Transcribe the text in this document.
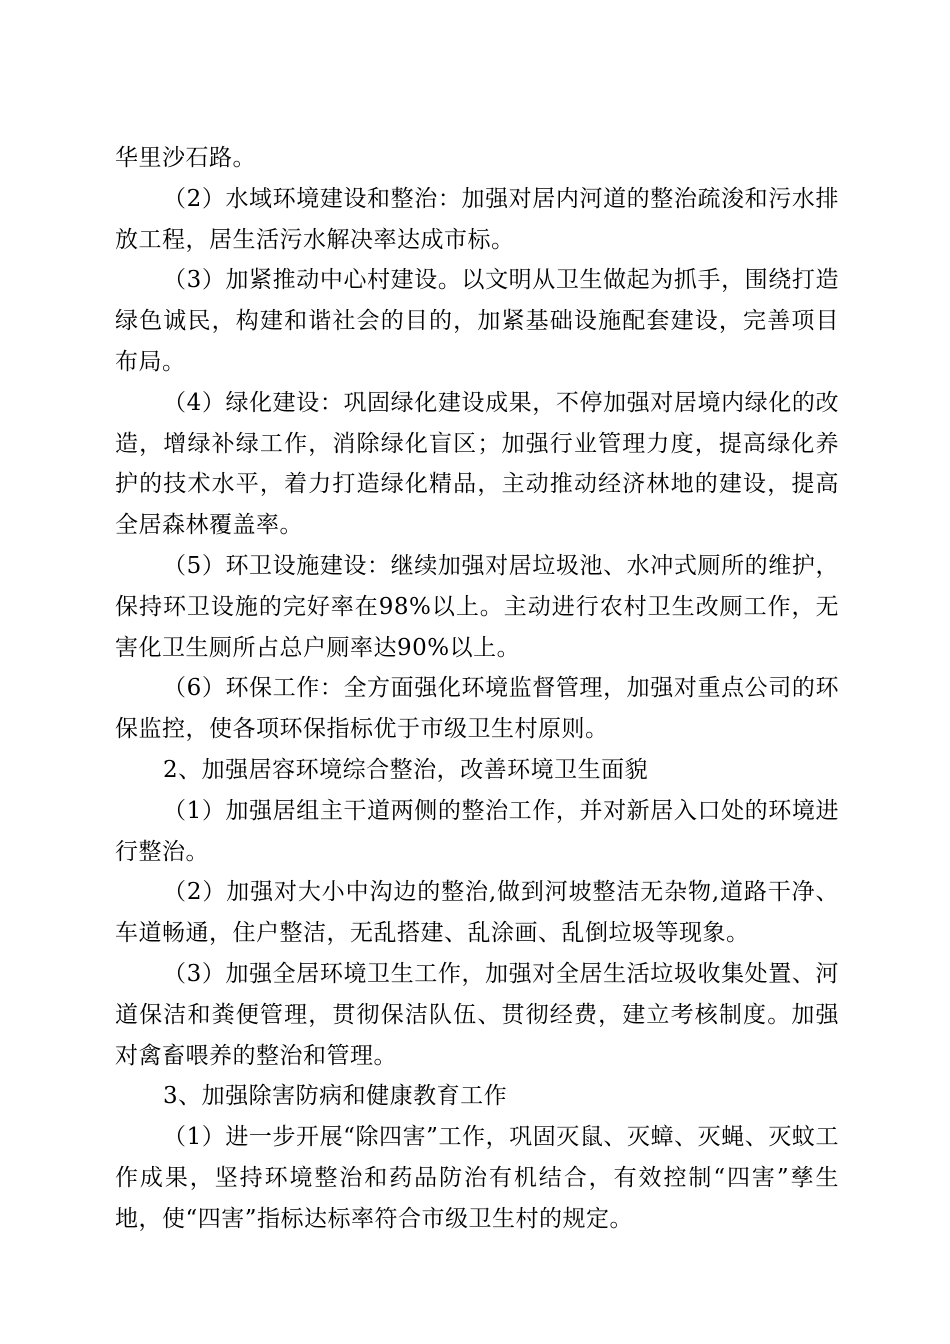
华里沙石路。

（2）水域环境建设和整治：加强对居内河道的整治疏浚和污水排放工程，居生活污水解决率达成市标。

（3）加紧推动中心村建设。以文明从卫生做起为抓手，围绕打造绿色诚民，构建和谐社会的目的，加紧基础设施配套建设，完善项目布局。

（4）绿化建设：巩固绿化建设成果，不停加强对居境内绿化的改造，增绿补绿工作，消除绿化盲区；加强行业管理力度，提高绿化养护的技术水平，着力打造绿化精品，主动推动经济林地的建设，提高全居森林覆盖率。

（5）环卫设施建设：继续加强对居垃圾池、水冲式厕所的维护，保持环卫设施的完好率在98%以上。主动进行农村卫生改厕工作，无害化卫生厕所占总户厕率达90%以上。

（6）环保工作：全方面强化环境监督管理，加强对重点公司的环保监控，使各项环保指标优于市级卫生村原则。

2、加强居容环境综合整治，改善环境卫生面貌

（1）加强居组主干道两侧的整治工作，并对新居入口处的环境进行整治。

（2）加强对大小中沟边的整治,做到河坡整洁无杂物,道路干净、车道畅通，住户整洁，无乱搭建、乱涂画、乱倒垃圾等现象。

（3）加强全居环境卫生工作，加强对全居生活垃圾收集处置、河道保洁和粪便管理，贯彻保洁队伍、贯彻经费，建立考核制度。加强对禽畜喂养的整治和管理。

3、加强除害防病和健康教育工作

（1）进一步开展“除四害”工作，巩固灭鼠、灭蟑、灭蝇、灭蚊工作成果，坚持环境整治和药品防治有机结合，有效控制“四害”孳生地，使“四害”指标达标率符合市级卫生村的规定。
